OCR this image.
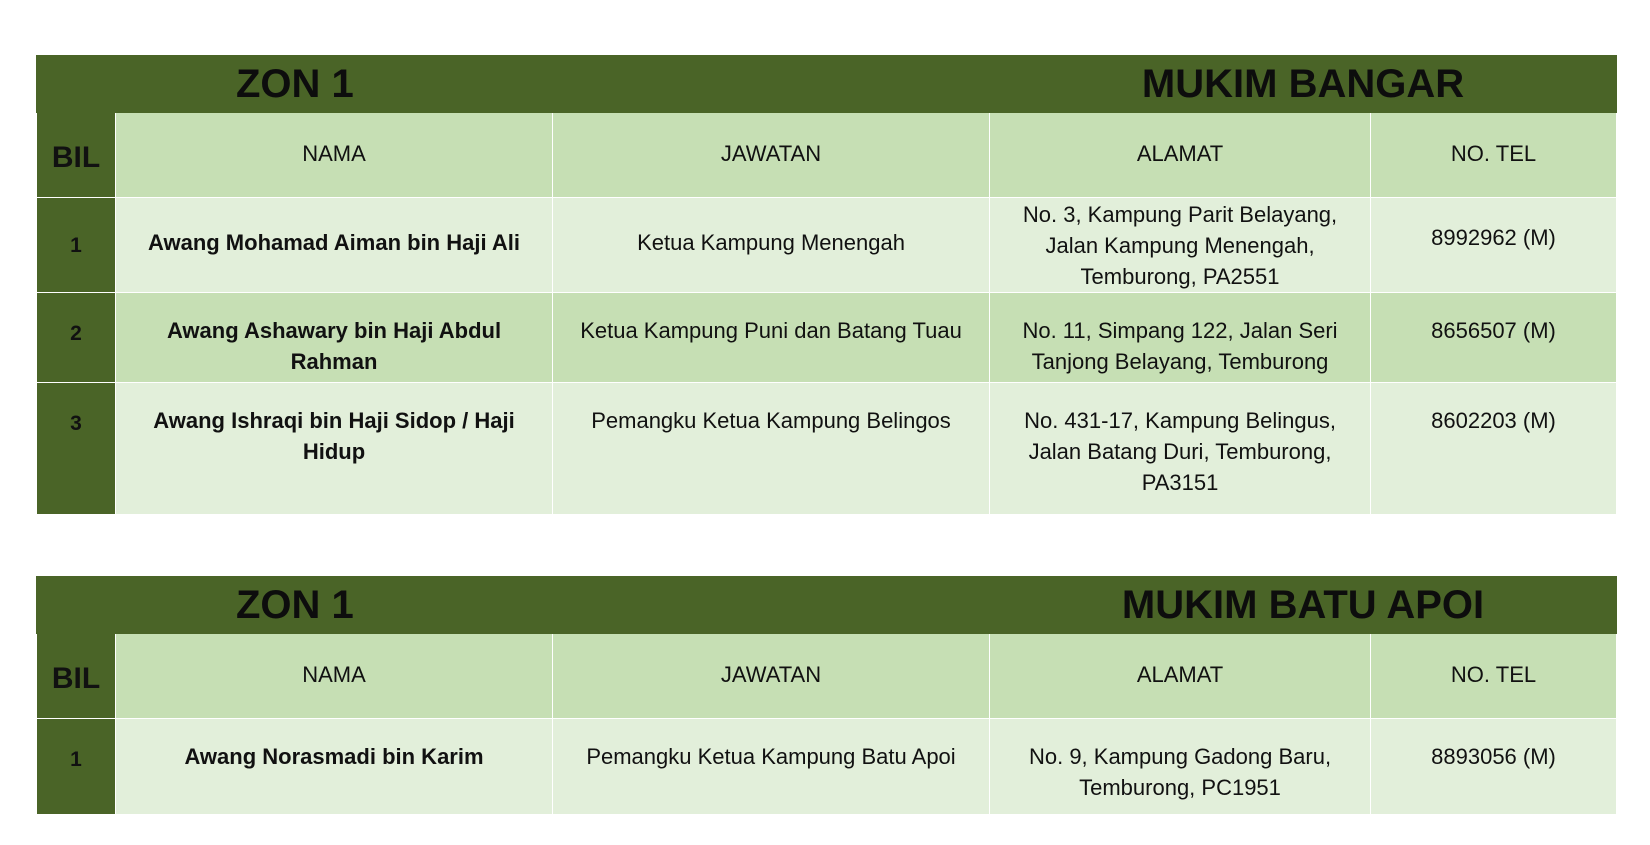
ZON 1			MUKIM BANGAR	
BIL	NAMA	JAWATAN	ALAMAT	NO. TEL
1	Awang Mohamad Aiman bin Haji Ali	Ketua Kampung Menengah	No. 3, Kampung Parit Belayang, Jalan Kampung Menengah, Temburong, PA2551	8992962 (M)
2	Awang Ashawary bin Haji Abdul Rahman	Ketua Kampung Puni dan Batang Tuau	No. 11, Simpang 122, Jalan Seri Tanjong Belayang, Temburong	8656507 (M)
3	Awang Ishraqi bin Haji Sidop / Haji Hidup	Pemangku Ketua Kampung Belingos	No. 431-17, Kampung Belingus, Jalan Batang Duri, Temburong, PA3151	8602203 (M)
ZON 1			MUKIM BATU APOI	
BIL	NAMA	JAWATAN	ALAMAT	NO. TEL
1	Awang Norasmadi bin Karim	Pemangku Ketua Kampung Batu Apoi	No. 9, Kampung Gadong Baru, Temburong, PC1951	8893056 (M)
